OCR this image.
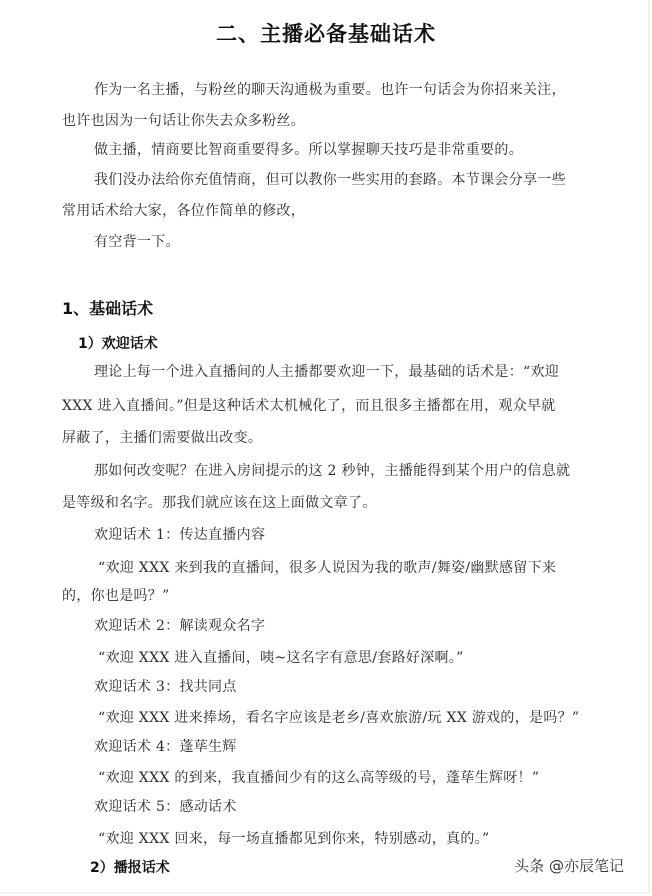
二、主播必备基础话术
作为一名主播，与粉丝的聊天沟通极为重要。也许一句话会为你招来关注，
也许也因为一句话让你失去众多粉丝。
做主播，情商要比智商重要得多。所以掌握聊天技巧是非常重要的。
我们没办法给你充值情商，但可以教你一些实用的套路。本节课会分享一些
常用话术给大家，各位作简单的修改，
有空背一下。
1、基础话术
1）欢迎话术
理论上每一个进入直播间的人主播都要欢迎一下，最基础的话术是：“欢迎
XXX 进入直播间。”但是这种话术太机械化了，而且很多主播都在用，观众早就
屏蔽了，主播们需要做出改变。
那如何改变呢？在进入房间提示的这 2 秒钟，主播能得到某个用户的信息就
是等级和名字。那我们就应该在这上面做文章了。
欢迎话术 1：传达直播内容
“欢迎 XXX 来到我的直播间，很多人说因为我的歌声/舞姿/幽默感留下来
的，你也是吗？”
欢迎话术 2：解读观众名字
“欢迎 XXX 进入直播间，咦~这名字有意思/套路好深啊。”
欢迎话术 3：找共同点
“欢迎 XXX 进来捧场，看名字应该是老乡/喜欢旅游/玩 XX 游戏的，是吗？”
欢迎话术 4：蓬荜生辉
“欢迎 XXX 的到来，我直播间少有的这么高等级的号，蓬荜生辉呀！”
欢迎话术 5：感动话术
“欢迎 XXX 回来，每一场直播都见到你来，特别感动，真的。”
2）播报话术	头条 @亦辰笔记
